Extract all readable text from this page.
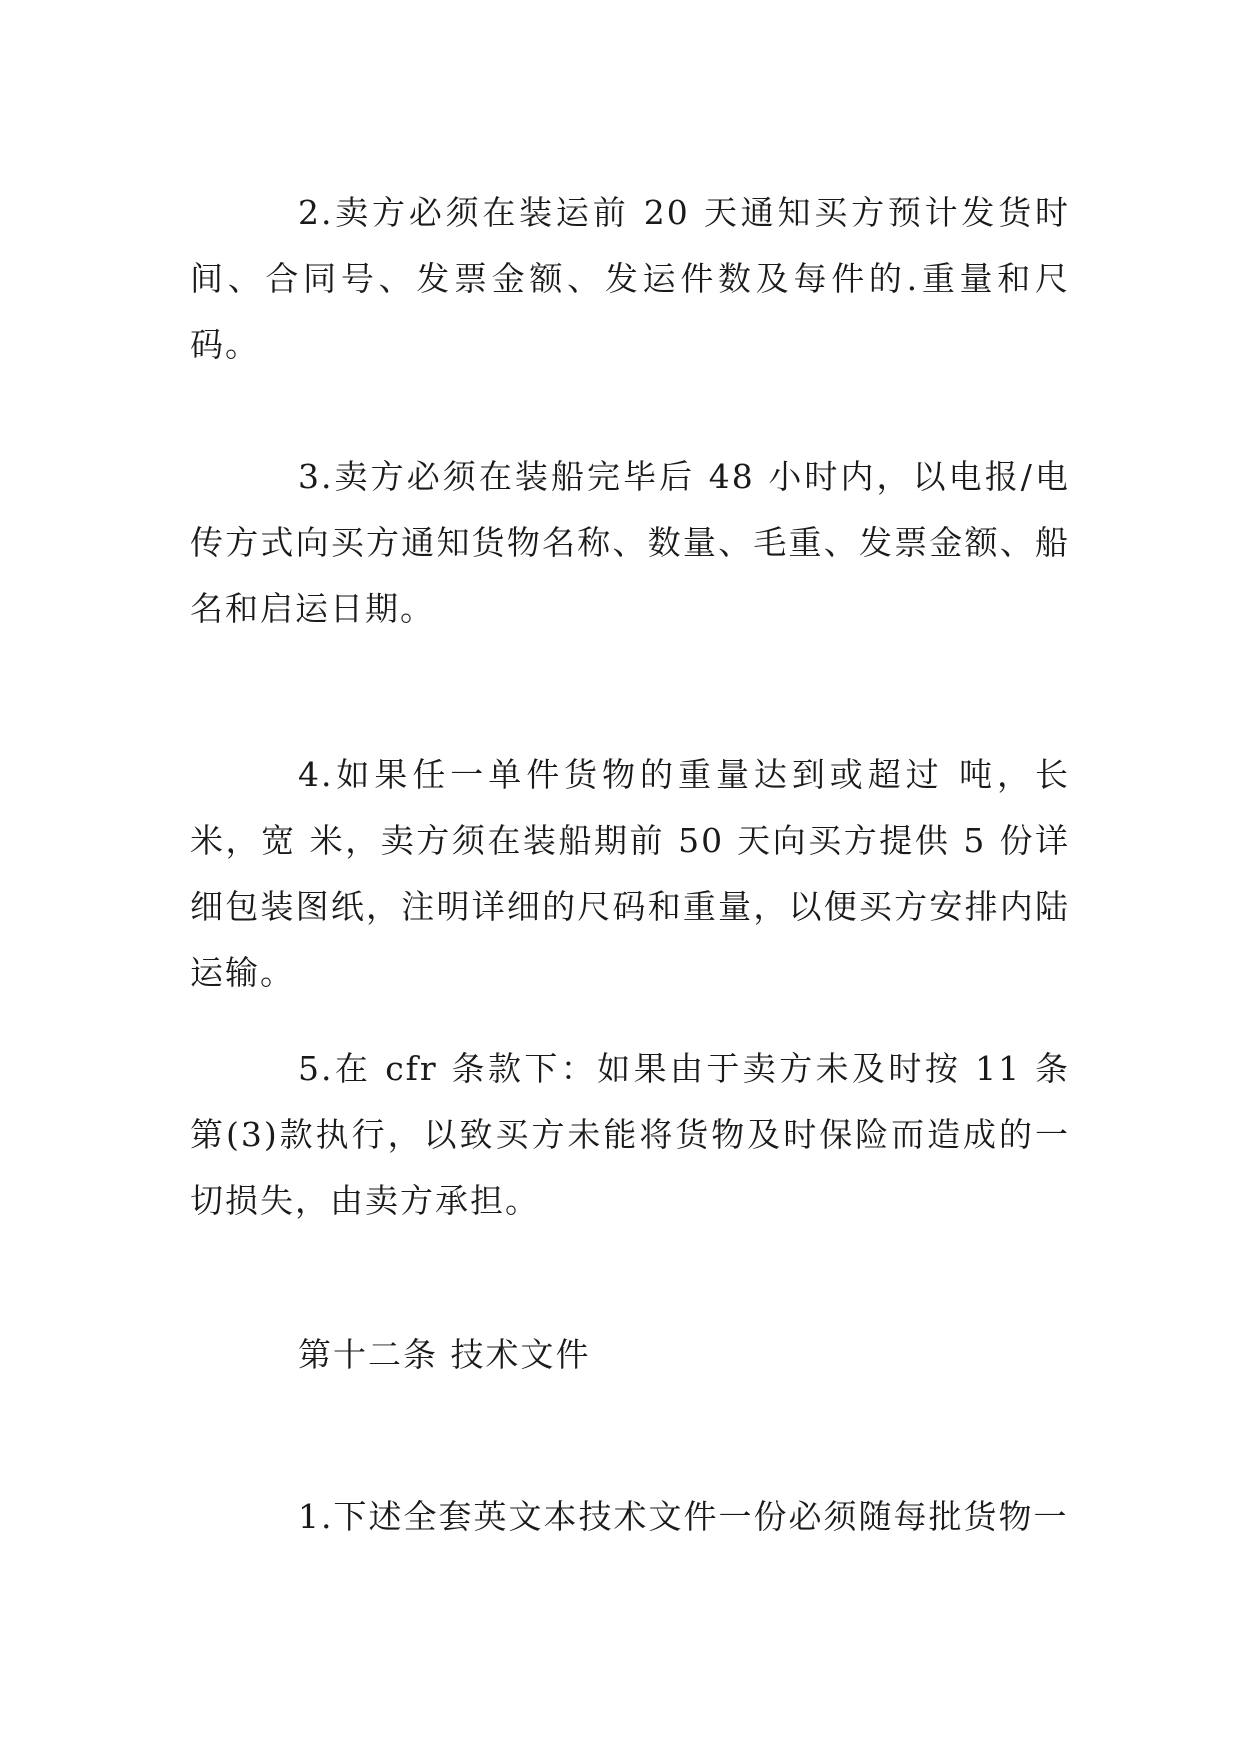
2.卖方必须在装运前 20 天通知买方预计发货时间、合同号、发票金额、发运件数及每件的.重量和尺码。

3.卖方必须在装船完毕后 48 小时内，以电报/电传方式向买方通知货物名称、数量、毛重、发票金额、船名和启运日期。

4.如果任一单件货物的重量达到或超过 吨，长 米，宽 米，卖方须在装船期前 50 天向买方提供 5 份详细包装图纸，注明详细的尺码和重量，以便买方安排内陆运输。

5.在 cfr 条款下：如果由于卖方未及时按 11 条第(3)款执行，以致买方未能将货物及时保险而造成的一切损失，由卖方承担。

第十二条 技术文件

1.下述全套英文本技术文件一份必须随每批货物一
